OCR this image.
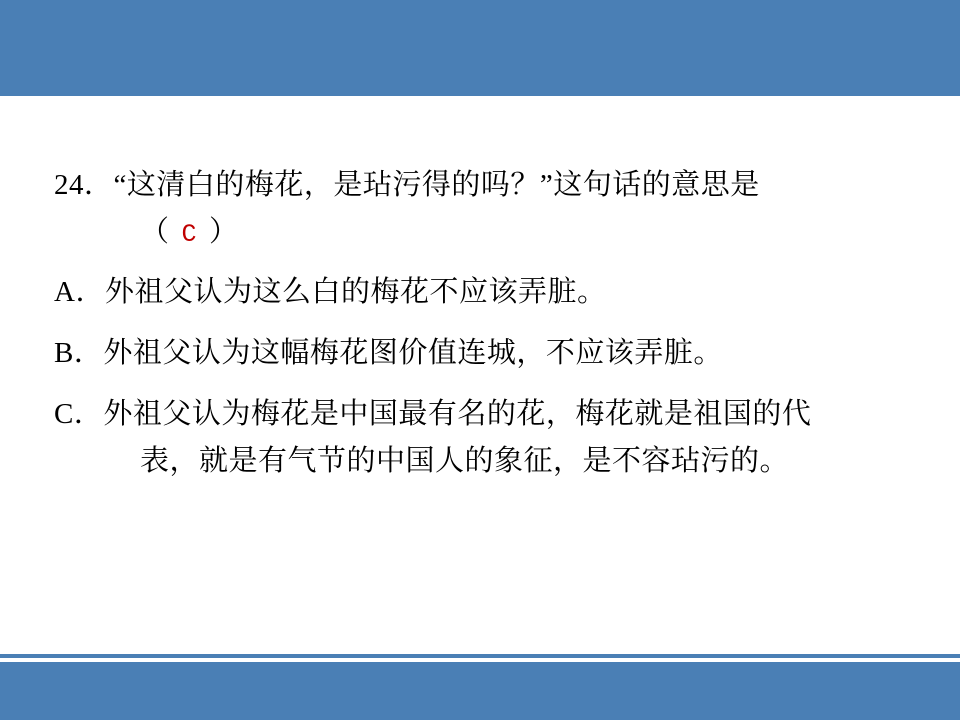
24．“这清白的梅花，是玷污得的吗？”这句话的意思是
（ C ）
A．外祖父认为这么白的梅花不应该弄脏。
B．外祖父认为这幅梅花图价值连城，不应该弄脏。
C．外祖父认为梅花是中国最有名的花，梅花就是祖国的代
表，就是有气节的中国人的象征，是不容玷污的。
